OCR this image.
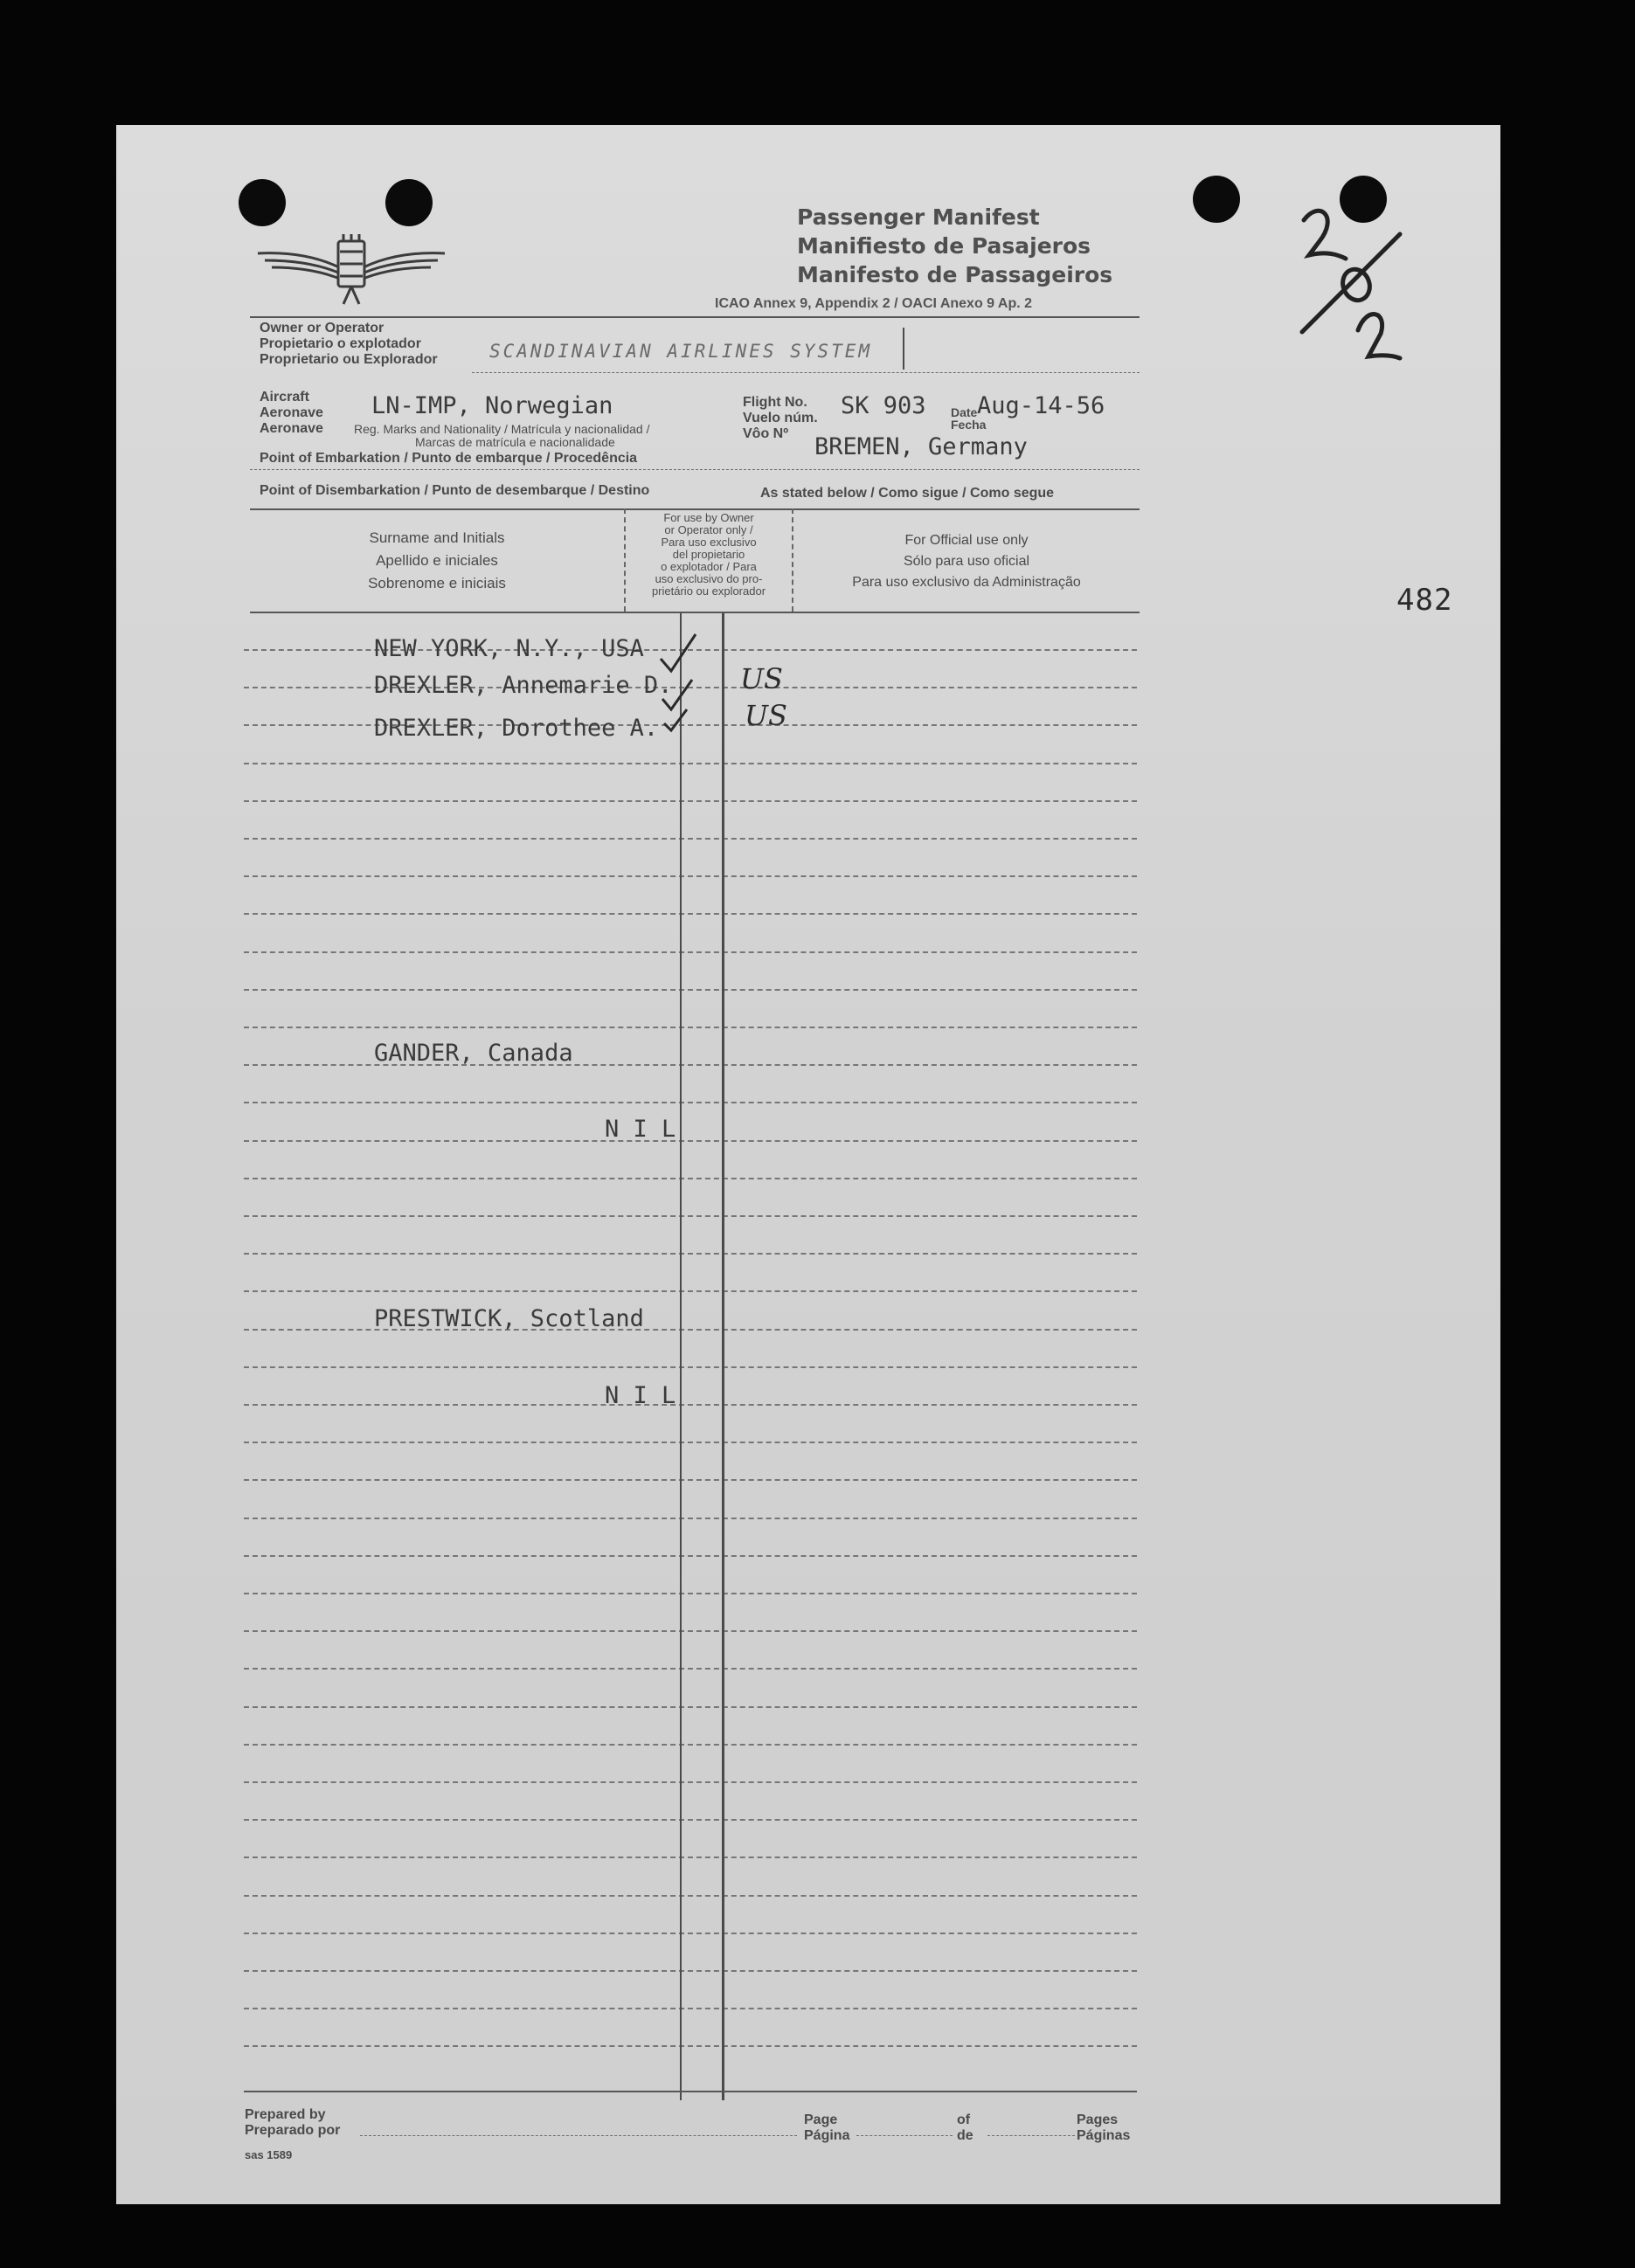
482
Passenger Manifest
Manifiesto de Pasajeros
Manifesto de Passageiros
ICAO Annex 9, Appendix 2 / OACI Anexo 9 Ap. 2
Owner or Operator
Propietario o explotador
Proprietario ou Explorador	SCANDINAVIAN AIRLINES SYSTEM
Aircraft
Aeronave
Aeronave
LN-IMP, Norwegian
Reg. Marks and Nationality / Matrícula y nacionalidad /
Marcas de matrícula e nacionalidade
Flight No.
Vuelo núm.
Vôo Nº
SK 903 Date
Fecha
Aug-14-56
Point of Embarkation / Punto de embarque / Procedência	BREMEN, Germany
Point of Disembarkation / Punto de desembarque / Destino	As stated below / Como sigue / Como segue
Surname and Initials
Apellido e iniciales
Sobrenome e iniciais
For use by Owner
or Operator only /
Para uso exclusivo
del propietario
o explotador / Para
uso exclusivo do pro-
prietário ou explorador
For Official use only
Sólo para uso oficial
Para uso exclusivo da Administração
NEW YORK, N.Y., USA
DREXLER, Annemarie D. US
DREXLER, Dorothee A.	US
GANDER, Canada
N I L
PRESTWICK, Scotland
N I L
Prepared by
Preparado por
sas 1589
Page
Página
of
de
Pages
Páginas
